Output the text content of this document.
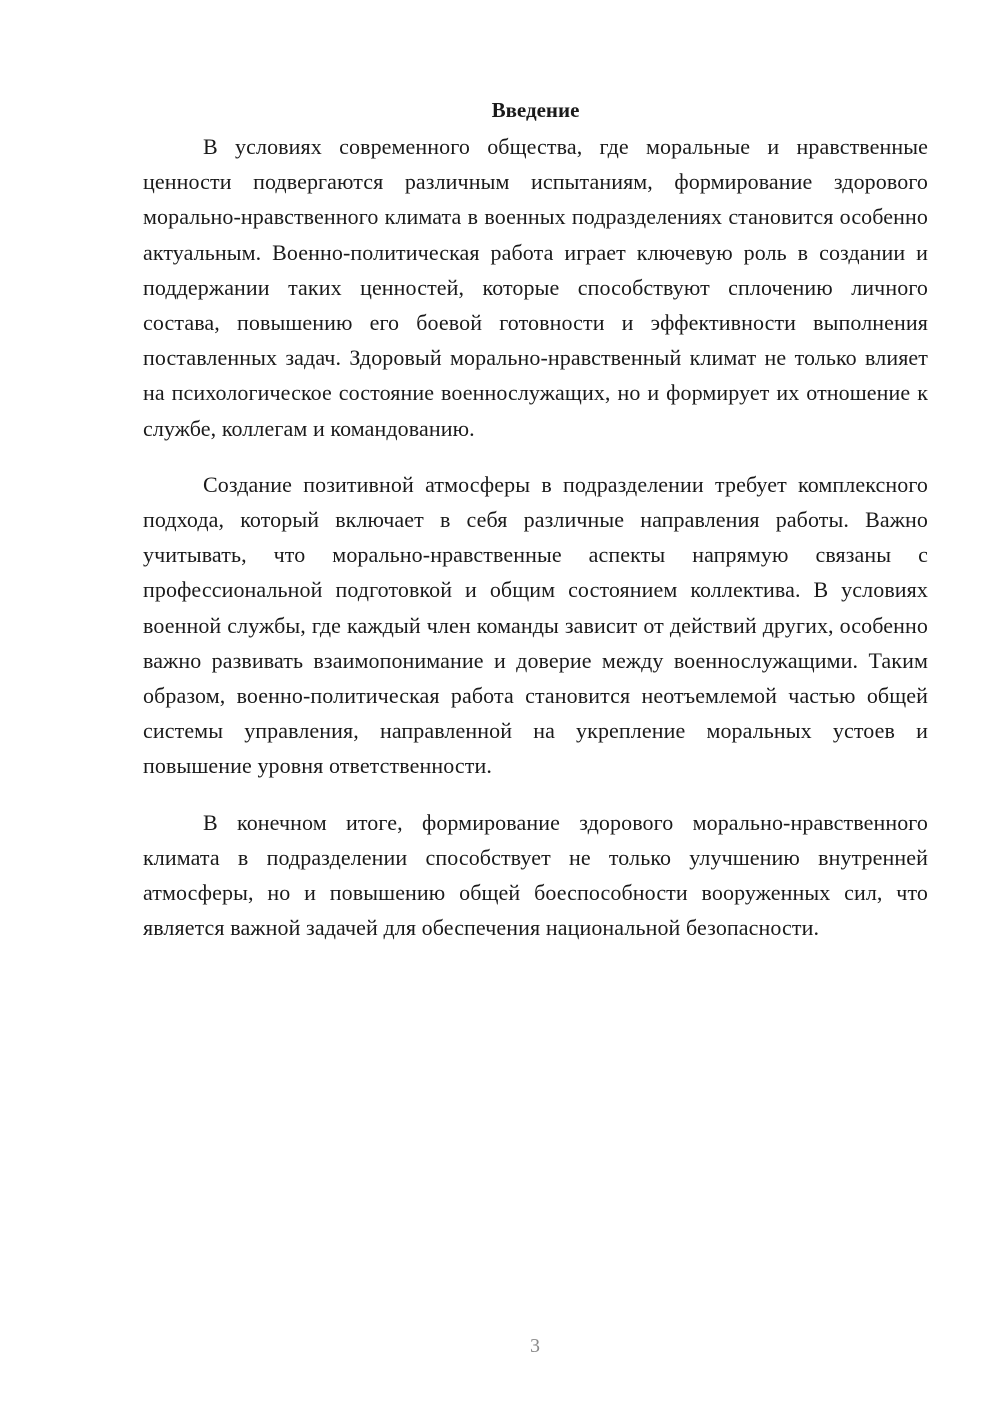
Введение

В условиях современного общества, где моральные и нравственные ценности подвергаются различным испытаниям, формирование здорового морально-нравственного климата в военных подразделениях становится особенно актуальным. Военно-политическая работа играет ключевую роль в создании и поддержании таких ценностей, которые способствуют сплочению личного состава, повышению его боевой готовности и эффективности выполнения поставленных задач. Здоровый морально-нравственный климат не только влияет на психологическое состояние военнослужащих, но и формирует их отношение к службе, коллегам и командованию.

Создание позитивной атмосферы в подразделении требует комплексного подхода, который включает в себя различные направления работы. Важно учитывать, что морально-нравственные аспекты напрямую связаны с профессиональной подготовкой и общим состоянием коллектива. В условиях военной службы, где каждый член команды зависит от действий других, особенно важно развивать взаимопонимание и доверие между военнослужащими. Таким образом, военно-политическая работа становится неотъемлемой частью общей системы управления, направленной на укрепление моральных устоев и повышение уровня ответственности.

В конечном итоге, формирование здорового морально-нравственного климата в подразделении способствует не только улучшению внутренней атмосферы, но и повышению общей боеспособности вооруженных сил, что является важной задачей для обеспечения национальной безопасности.

3
